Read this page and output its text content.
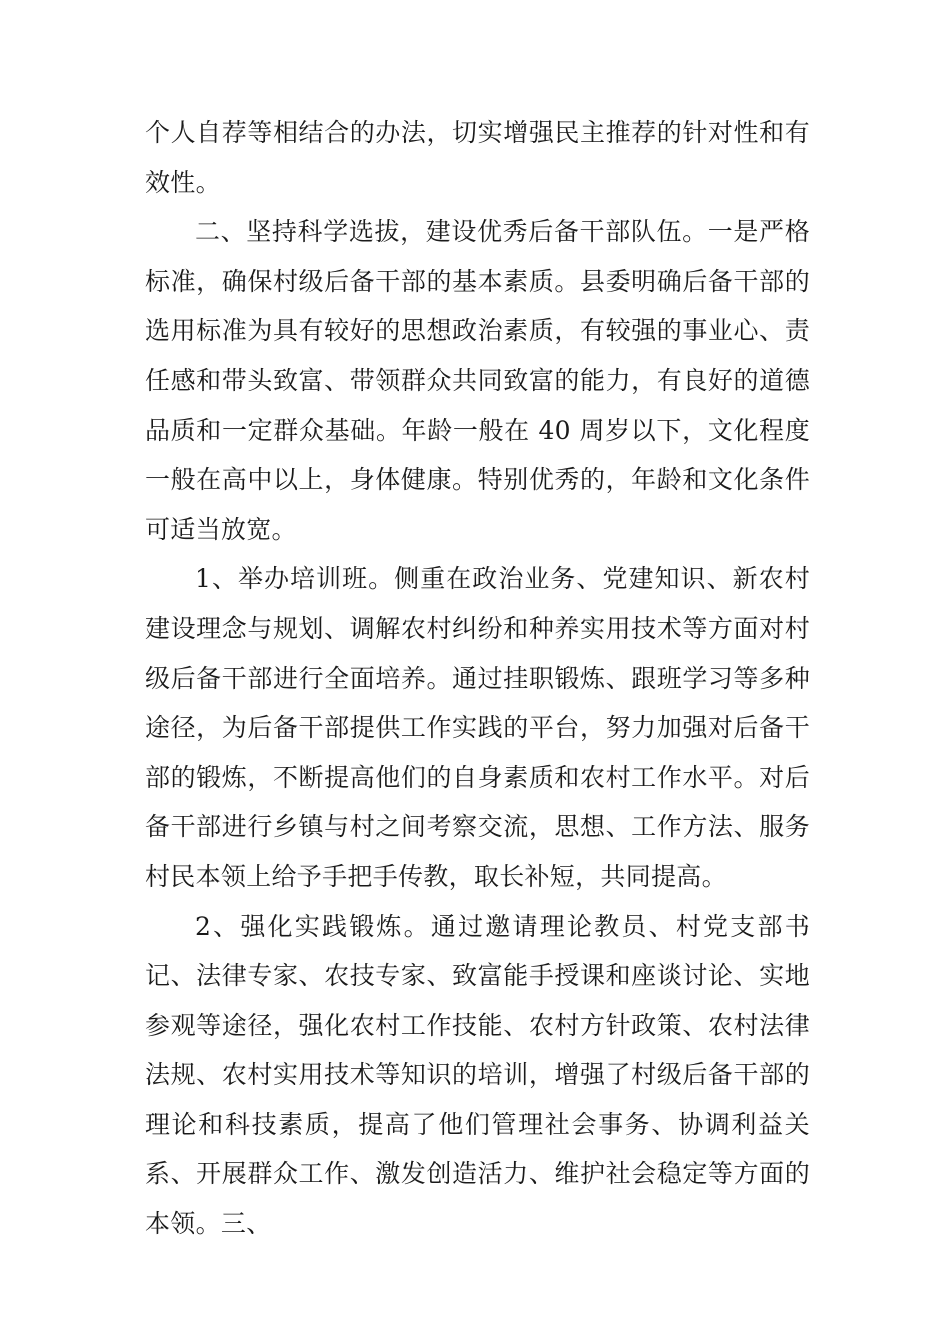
个人自荐等相结合的办法，切实增强民主推荐的针对性和有效性。

二、坚持科学选拔，建设优秀后备干部队伍。一是严格标准，确保村级后备干部的基本素质。县委明确后备干部的选用标准为具有较好的思想政治素质，有较强的事业心、责任感和带头致富、带领群众共同致富的能力，有良好的道德品质和一定群众基础。年龄一般在 40 周岁以下，文化程度一般在高中以上，身体健康。特别优秀的，年龄和文化条件可适当放宽。

1、举办培训班。侧重在政治业务、党建知识、新农村建设理念与规划、调解农村纠纷和种养实用技术等方面对村级后备干部进行全面培养。通过挂职锻炼、跟班学习等多种途径，为后备干部提供工作实践的平台，努力加强对后备干部的锻炼，不断提高他们的自身素质和农村工作水平。对后备干部进行乡镇与村之间考察交流，思想、工作方法、服务村民本领上给予手把手传教，取长补短，共同提高。

2、强化实践锻炼。通过邀请理论教员、村党支部书记、法律专家、农技专家、致富能手授课和座谈讨论、实地参观等途径，强化农村工作技能、农村方针政策、农村法律法规、农村实用技术等知识的培训，增强了村级后备干部的理论和科技素质，提高了他们管理社会事务、协调利益关系、开展群众工作、激发创造活力、维护社会稳定等方面的本领。三、
